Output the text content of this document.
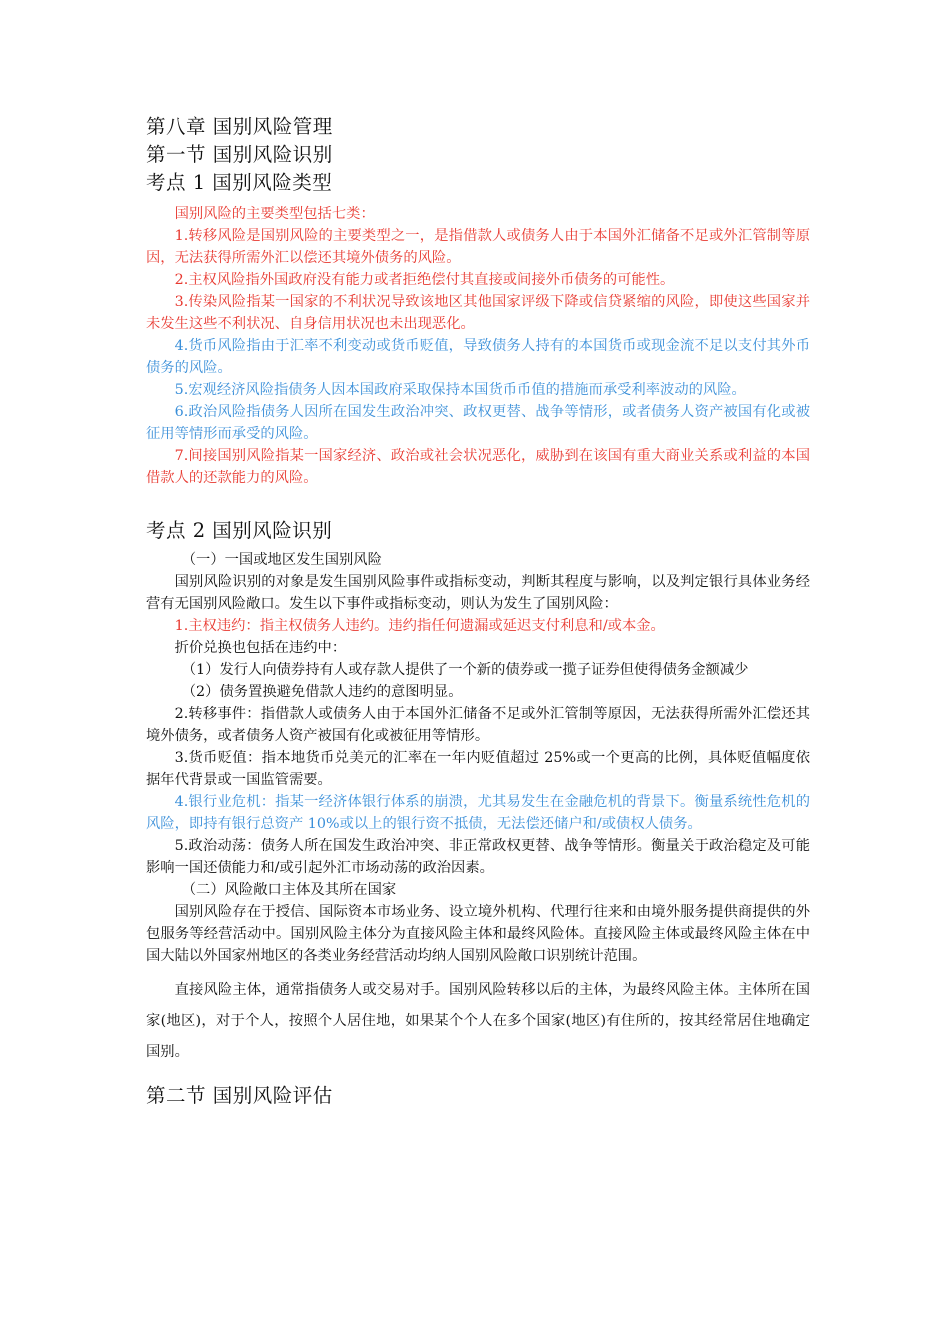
第八章 国别风险管理
第一节 国别风险识别
考点 1 国别风险类型

国别风险的主要类型包括七类：

1.转移风险是国别风险的主要类型之一，是指借款人或债务人由于本国外汇储备不足或外汇管制等原因，无法获得所需外汇以偿还其境外债务的风险。

2.主权风险指外国政府没有能力或者拒绝偿付其直接或间接外币债务的可能性。

3.传染风险指某一国家的不利状况导致该地区其他国家评级下降或信贷紧缩的风险，即使这些国家并未发生这些不利状况、自身信用状况也未出现恶化。

4.货币风险指由于汇率不利变动或货币贬值，导致债务人持有的本国货币或现金流不足以支付其外币债务的风险。

5.宏观经济风险指债务人因本国政府采取保持本国货币币值的措施而承受利率波动的风险。

6.政治风险指债务人因所在国发生政治冲突、政权更替、战争等情形，或者债务人资产被国有化或被征用等情形而承受的风险。

7.间接国别风险指某一国家经济、政治或社会状况恶化，威胁到在该国有重大商业关系或利益的本国借款人的还款能力的风险。

考点 2 国别风险识别

（一）一国或地区发生国别风险

国别风险识别的对象是发生国别风险事件或指标变动，判断其程度与影响，以及判定银行具体业务经营有无国别风险敞口。发生以下事件或指标变动，则认为发生了国别风险：

1.主权违约：指主权债务人违约。违约指任何遗漏或延迟支付利息和/或本金。

折价兑换也包括在违约中：

（1）发行人向债券持有人或存款人提供了一个新的债券或一揽子证券但使得债务金额减少

（2）债务置换避免借款人违约的意图明显。

2.转移事件：指借款人或债务人由于本国外汇储备不足或外汇管制等原因，无法获得所需外汇偿还其境外债务，或者债务人资产被国有化或被征用等情形。

3.货币贬值：指本地货币兑美元的汇率在一年内贬值超过 25%或一个更高的比例，具体贬值幅度依据年代背景或一国监管需要。

4.银行业危机：指某一经济体银行体系的崩溃，尤其易发生在金融危机的背景下。衡量系统性危机的风险，即持有银行总资产 10%或以上的银行资不抵债，无法偿还储户和/或债权人债务。

5.政治动荡：债务人所在国发生政治冲突、非正常政权更替、战争等情形。衡量关于政治稳定及可能影响一国还债能力和/或引起外汇市场动荡的政治因素。

（二）风险敞口主体及其所在国家

国别风险存在于授信、国际资本市场业务、设立境外机构、代理行往来和由境外服务提供商提供的外包服务等经营活动中。国别风险主体分为直接风险主体和最终风险体。直接风险主体或最终风险主体在中国大陆以外国家州地区的各类业务经营活动均纳人国别风险敞口识别统计范围。

直接风险主体，通常指债务人或交易对手。国别风险转移以后的主体，为最终风险主体。主体所在国家(地区)，对于个人，按照个人居住地，如果某个个人在多个国家(地区)有住所的，按其经常居住地确定国别。

第二节 国别风险评估
